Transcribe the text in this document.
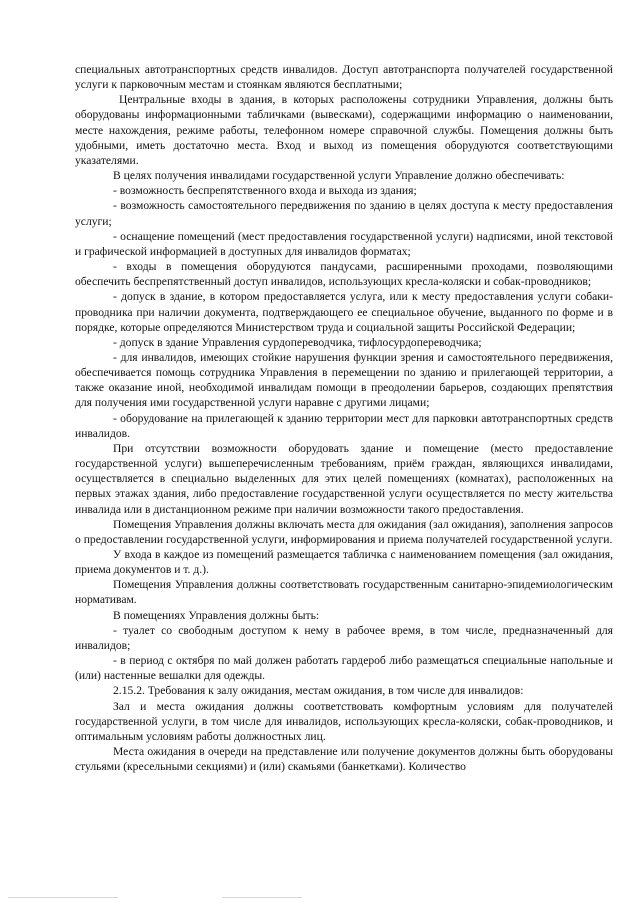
специальных автотранспортных средств инвалидов. Доступ автотранспорта получателей государственной услуги к парковочным местам и стоянкам являются бесплатными;

Центральные входы в здания, в которых расположены сотрудники Управления, должны быть оборудованы информационными табличками (вывесками), содержащими информацию о наименовании, месте нахождения, режиме работы, телефонном номере справочной службы. Помещения должны быть удобными, иметь достаточно места. Вход и выход из помещения оборудуются соответствующими указателями.

В целях получения инвалидами государственной услуги Управление должно обеспечивать:

- возможность беспрепятственного входа и выхода из здания;

- возможность самостоятельного передвижения по зданию в целях доступа к месту предоставления услуги;

- оснащение помещений (мест предоставления государственной услуги) надписями, иной текстовой и графической информацией в доступных для инвалидов форматах;

- входы в помещения оборудуются пандусами, расширенными проходами, позволяющими обеспечить беспрепятственный доступ инвалидов, использующих кресла-коляски и собак-проводников;

- допуск в здание, в котором предоставляется услуга, или к месту предоставления услуги собаки-проводника при наличии документа, подтверждающего ее специальное обучение, выданного по форме и в порядке, которые определяются Министерством труда и социальной защиты Российской Федерации;

- допуск в здание Управления сурдопереводчика, тифлосурдопереводчика;

- для инвалидов, имеющих стойкие нарушения функции зрения и самостоятельного передвижения, обеспечивается помощь сотрудника Управления в перемещении по зданию и прилегающей территории, а также оказание иной, необходимой инвалидам помощи в преодолении барьеров, создающих препятствия для получения ими государственной услуги наравне с другими лицами;

- оборудование на прилегающей к зданию территории мест для парковки автотранспортных средств инвалидов.

При отсутствии возможности оборудовать здание и помещение (место предоставление государственной услуги) вышеперечисленным требованиям, приём граждан, являющихся инвалидами, осуществляется в специально выделенных для этих целей помещениях (комнатах), расположенных на первых этажах здания, либо предоставление государственной услуги осуществляется по месту жительства инвалида или в дистанционном режиме при наличии возможности такого предоставления.

Помещения Управления должны включать места для ожидания (зал ожидания), заполнения запросов о предоставлении государственной услуги, информирования и приема получателей государственной услуги.

У входа в каждое из помещений размещается табличка с наименованием помещения (зал ожидания, приема документов и т. д.).

Помещения Управления должны соответствовать государственным санитарно-эпидемиологическим нормативам.

В помещениях Управления должны быть:

- туалет со свободным доступом к нему в рабочее время, в том числе, предназначенный для инвалидов;

- в период с октября по май должен работать гардероб либо размещаться специальные напольные и (или) настенные вешалки для одежды.

2.15.2. Требования к залу ожидания, местам ожидания, в том числе для инвалидов:

Зал и места ожидания должны соответствовать комфортным условиям для получателей государственной услуги, в том числе для инвалидов, использующих кресла-коляски, собак-проводников, и оптимальным условиям работы должностных лиц.

Места ожидания в очереди на представление или получение документов должны быть оборудованы стульями (кресельными секциями) и (или) скамьями (банкетками). Количество
